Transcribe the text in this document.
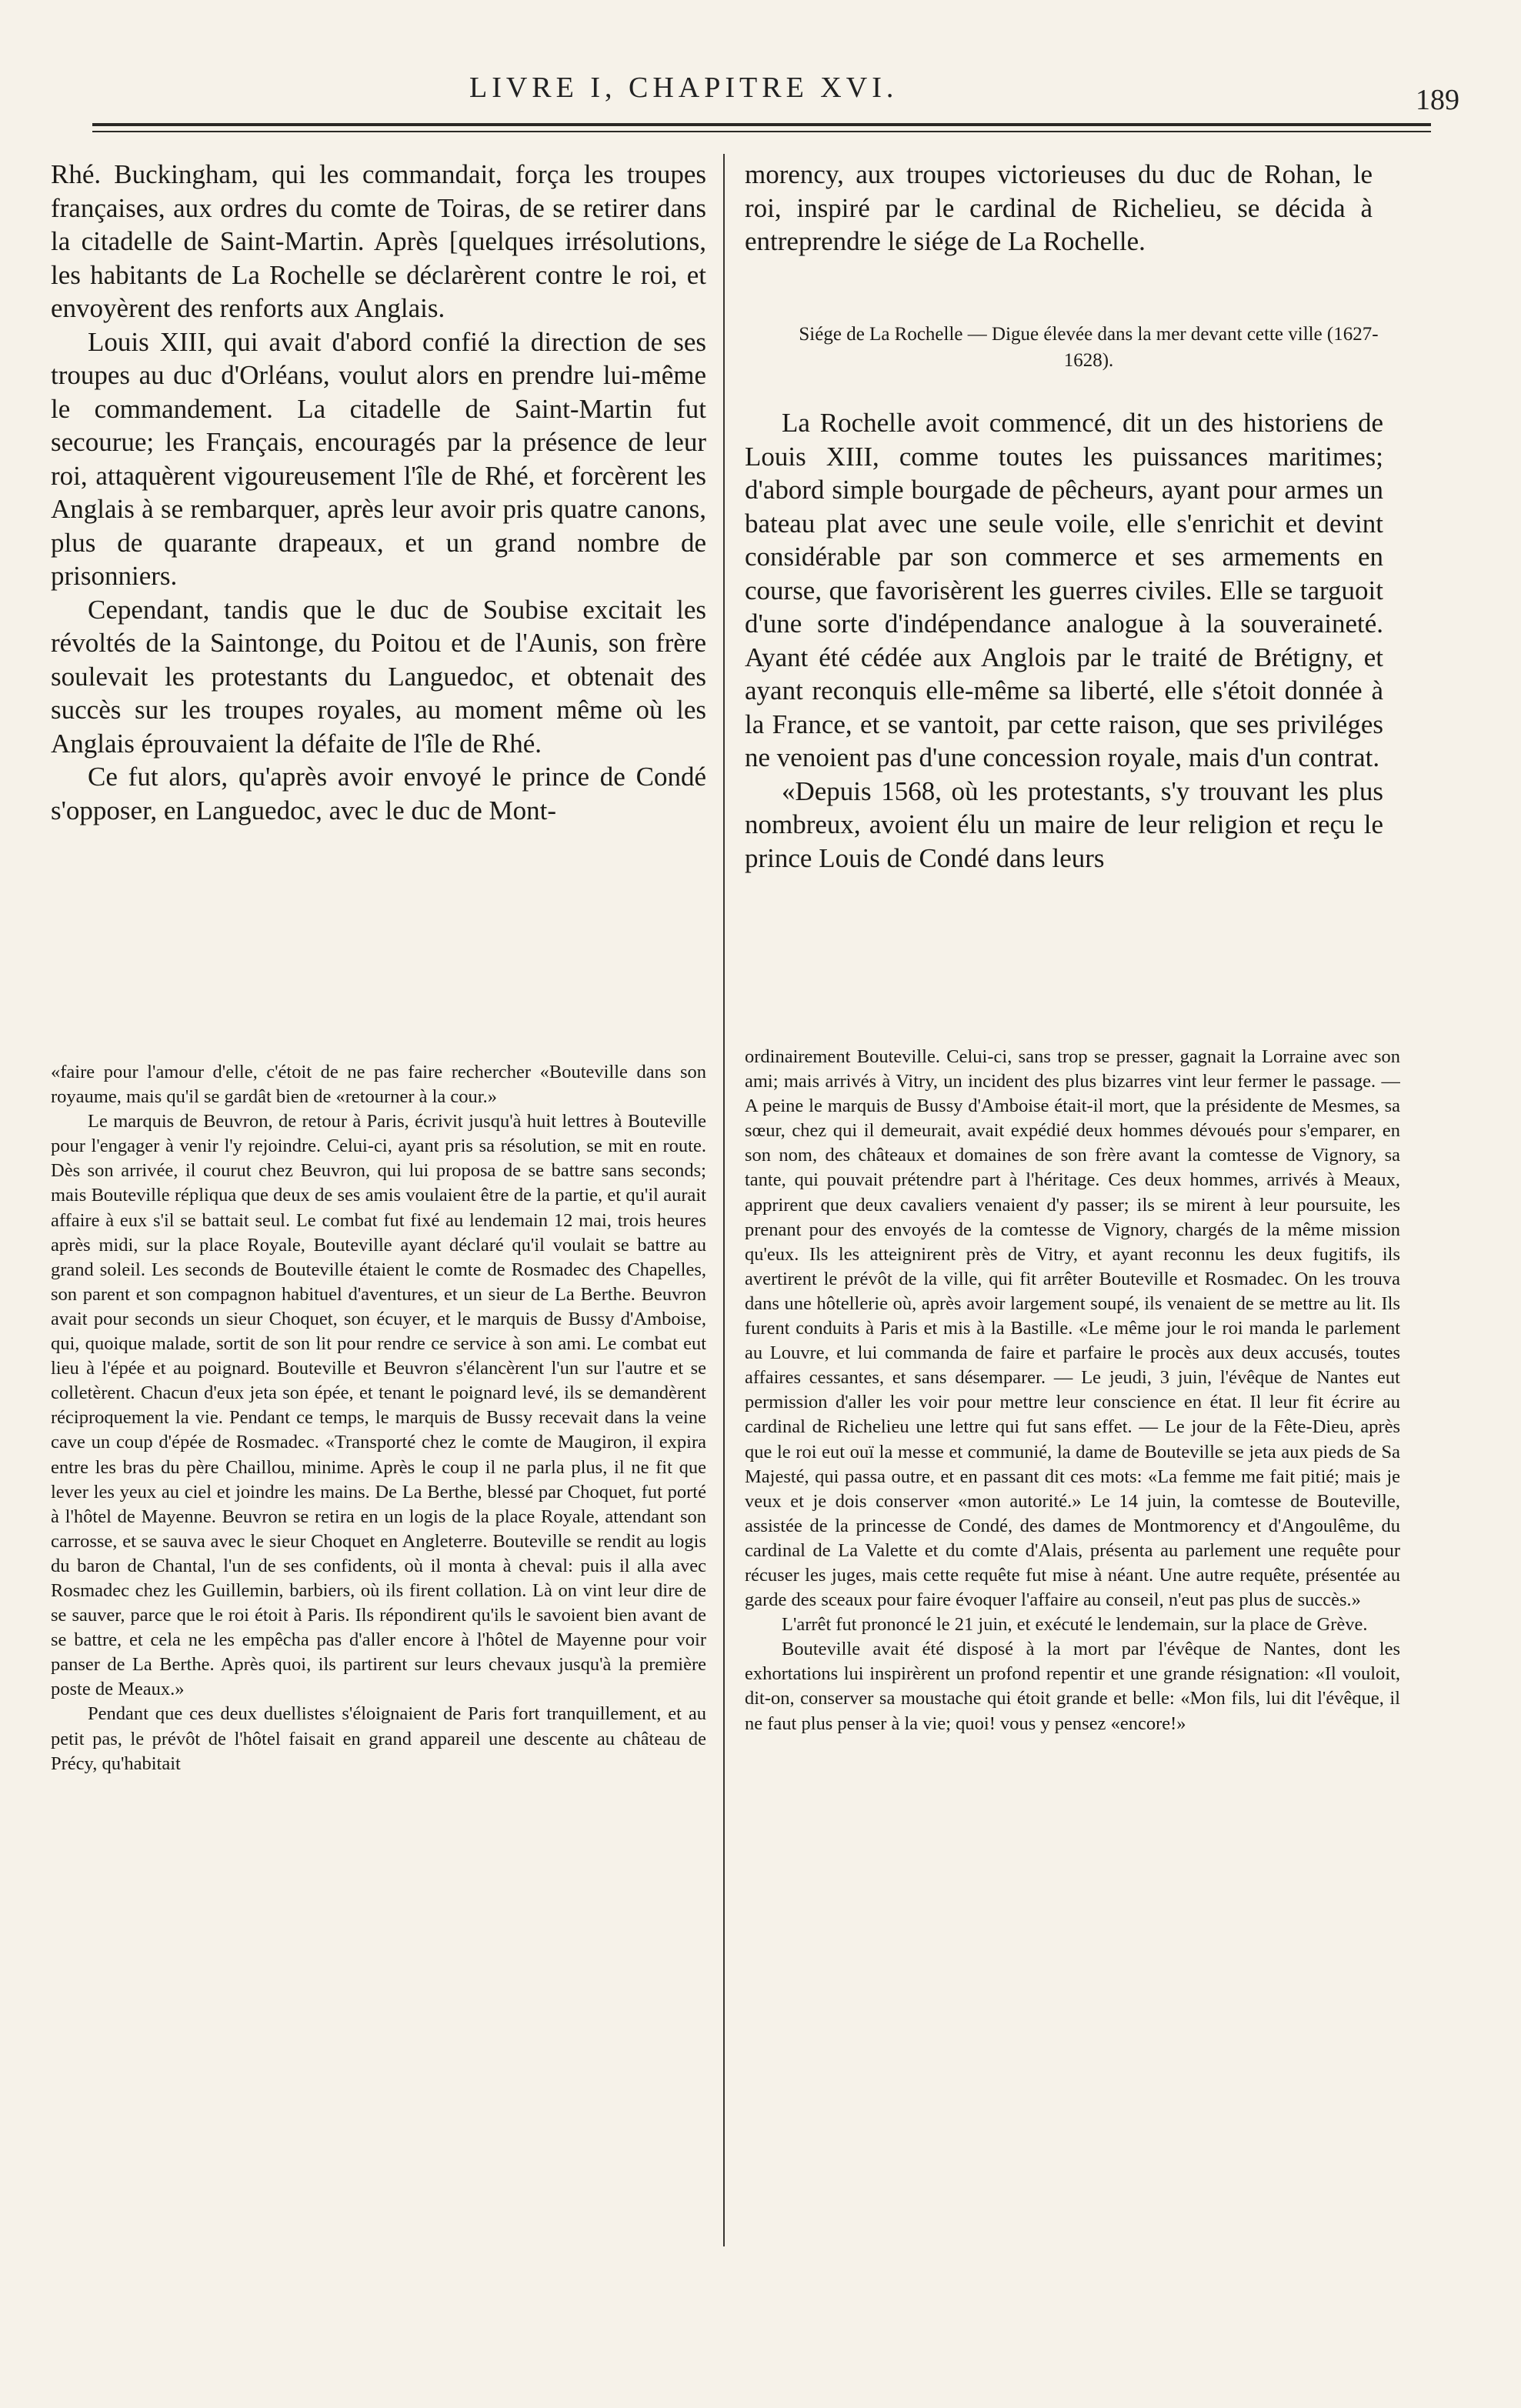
LIVRE I, CHAPITRE XVI.	189

Rhé. Buckingham, qui les commandait, força les troupes françaises, aux ordres du comte de Toiras, de se retirer dans la citadelle de Saint-Martin. Après [quelques irrésolutions, les habitants de La Rochelle se déclarèrent contre le roi, et envoyèrent des renforts aux Anglais.

Louis XIII, qui avait d'abord confié la direction de ses troupes au duc d'Orléans, voulut alors en prendre lui-même le commandement. La citadelle de Saint-Martin fut secourue; les Français, encouragés par la présence de leur roi, attaquèrent vigoureusement l'île de Rhé, et forcèrent les Anglais à se rembarquer, après leur avoir pris quatre canons, plus de quarante drapeaux, et un grand nombre de prisonniers.

Cependant, tandis que le duc de Soubise excitait les révoltés de la Saintonge, du Poitou et de l'Aunis, son frère soulevait les protestants du Languedoc, et obtenait des succès sur les troupes royales, au moment même où les Anglais éprouvaient la défaite de l'île de Rhé.

Ce fut alors, qu'après avoir envoyé le prince de Condé s'opposer, en Languedoc, avec le duc de Mont-

morency, aux troupes victorieuses du duc de Rohan, le roi, inspiré par le cardinal de Richelieu, se décida à entreprendre le siége de La Rochelle.

Siége de La Rochelle — Digue élevée dans la mer devant cette ville (1627-1628).

La Rochelle avoit commencé, dit un des historiens de Louis XIII, comme toutes les puissances maritimes; d'abord simple bourgade de pêcheurs, ayant pour armes un bateau plat avec une seule voile, elle s'enrichit et devint considérable par son commerce et ses armements en course, que favorisèrent les guerres civiles. Elle se targuoit d'une sorte d'indépendance analogue à la souveraineté. Ayant été cédée aux Anglois par le traité de Brétigny, et ayant reconquis elle-même sa liberté, elle s'étoit donnée à la France, et se vantoit, par cette raison, que ses priviléges ne venoient pas d'une concession royale, mais d'un contrat.

«Depuis 1568, où les protestants, s'y trouvant les plus nombreux, avoient élu un maire de leur religion et reçu le prince Louis de Condé dans leurs

«faire pour l'amour d'elle, c'étoit de ne pas faire rechercher «Bouteville dans son royaume, mais qu'il se gardât bien de «retourner à la cour.»

Le marquis de Beuvron, de retour à Paris, écrivit jusqu'à huit lettres à Bouteville pour l'engager à venir l'y rejoindre. Celui-ci, ayant pris sa résolution, se mit en route. Dès son arrivée, il courut chez Beuvron, qui lui proposa de se battre sans seconds; mais Bouteville répliqua que deux de ses amis voulaient être de la partie, et qu'il aurait affaire à eux s'il se battait seul. Le combat fut fixé au lendemain 12 mai, trois heures après midi, sur la place Royale, Bouteville ayant déclaré qu'il voulait se battre au grand soleil. Les seconds de Bouteville étaient le comte de Rosmadec des Chapelles, son parent et son compagnon habituel d'aventures, et un sieur de La Berthe. Beuvron avait pour seconds un sieur Choquet, son écuyer, et le marquis de Bussy d'Amboise, qui, quoique malade, sortit de son lit pour rendre ce service à son ami. Le combat eut lieu à l'épée et au poignard. Bouteville et Beuvron s'élancèrent l'un sur l'autre et se colletèrent. Chacun d'eux jeta son épée, et tenant le poignard levé, ils se demandèrent réciproquement la vie. Pendant ce temps, le marquis de Bussy recevait dans la veine cave un coup d'épée de Rosmadec. «Transporté chez le comte de Maugiron, il expira entre les bras du père Chaillou, minime. Après le coup il ne parla plus, il ne fit que lever les yeux au ciel et joindre les mains. De La Berthe, blessé par Choquet, fut porté à l'hôtel de Mayenne. Beuvron se retira en un logis de la place Royale, attendant son carrosse, et se sauva avec le sieur Choquet en Angleterre. Bouteville se rendit au logis du baron de Chantal, l'un de ses confidents, où il monta à cheval: puis il alla avec Rosmadec chez les Guillemin, barbiers, où ils firent collation. Là on vint leur dire de se sauver, parce que le roi étoit à Paris. Ils répondirent qu'ils le savoient bien avant de se battre, et cela ne les empêcha pas d'aller encore à l'hôtel de Mayenne pour voir panser de La Berthe. Après quoi, ils partirent sur leurs chevaux jusqu'à la première poste de Meaux.»

Pendant que ces deux duellistes s'éloignaient de Paris fort tranquillement, et au petit pas, le prévôt de l'hôtel faisait en grand appareil une descente au château de Précy, qu'habitait

ordinairement Bouteville. Celui-ci, sans trop se presser, gagnait la Lorraine avec son ami; mais arrivés à Vitry, un incident des plus bizarres vint leur fermer le passage. — A peine le marquis de Bussy d'Amboise était-il mort, que la présidente de Mesmes, sa sœur, chez qui il demeurait, avait expédié deux hommes dévoués pour s'emparer, en son nom, des châteaux et domaines de son frère avant la comtesse de Vignory, sa tante, qui pouvait prétendre part à l'héritage. Ces deux hommes, arrivés à Meaux, apprirent que deux cavaliers venaient d'y passer; ils se mirent à leur poursuite, les prenant pour des envoyés de la comtesse de Vignory, chargés de la même mission qu'eux. Ils les atteignirent près de Vitry, et ayant reconnu les deux fugitifs, ils avertirent le prévôt de la ville, qui fit arrêter Bouteville et Rosmadec. On les trouva dans une hôtellerie où, après avoir largement soupé, ils venaient de se mettre au lit. Ils furent conduits à Paris et mis à la Bastille. «Le même jour le roi manda le parlement au Louvre, et lui commanda de faire et parfaire le procès aux deux accusés, toutes affaires cessantes, et sans désemparer. — Le jeudi, 3 juin, l'évêque de Nantes eut permission d'aller les voir pour mettre leur conscience en état. Il leur fit écrire au cardinal de Richelieu une lettre qui fut sans effet. — Le jour de la Fête-Dieu, après que le roi eut ouï la messe et communié, la dame de Bouteville se jeta aux pieds de Sa Majesté, qui passa outre, et en passant dit ces mots: «La femme me fait pitié; mais je veux et je dois conserver «mon autorité.» Le 14 juin, la comtesse de Bouteville, assistée de la princesse de Condé, des dames de Montmorency et d'Angoulême, du cardinal de La Valette et du comte d'Alais, présenta au parlement une requête pour récuser les juges, mais cette requête fut mise à néant. Une autre requête, présentée au garde des sceaux pour faire évoquer l'affaire au conseil, n'eut pas plus de succès.»

L'arrêt fut prononcé le 21 juin, et exécuté le lendemain, sur la place de Grève.

Bouteville avait été disposé à la mort par l'évêque de Nantes, dont les exhortations lui inspirèrent un profond repentir et une grande résignation: «Il vouloit, dit-on, conserver sa moustache qui étoit grande et belle: «Mon fils, lui dit l'évêque, il ne faut plus penser à la vie; quoi! vous y pensez «encore!»
